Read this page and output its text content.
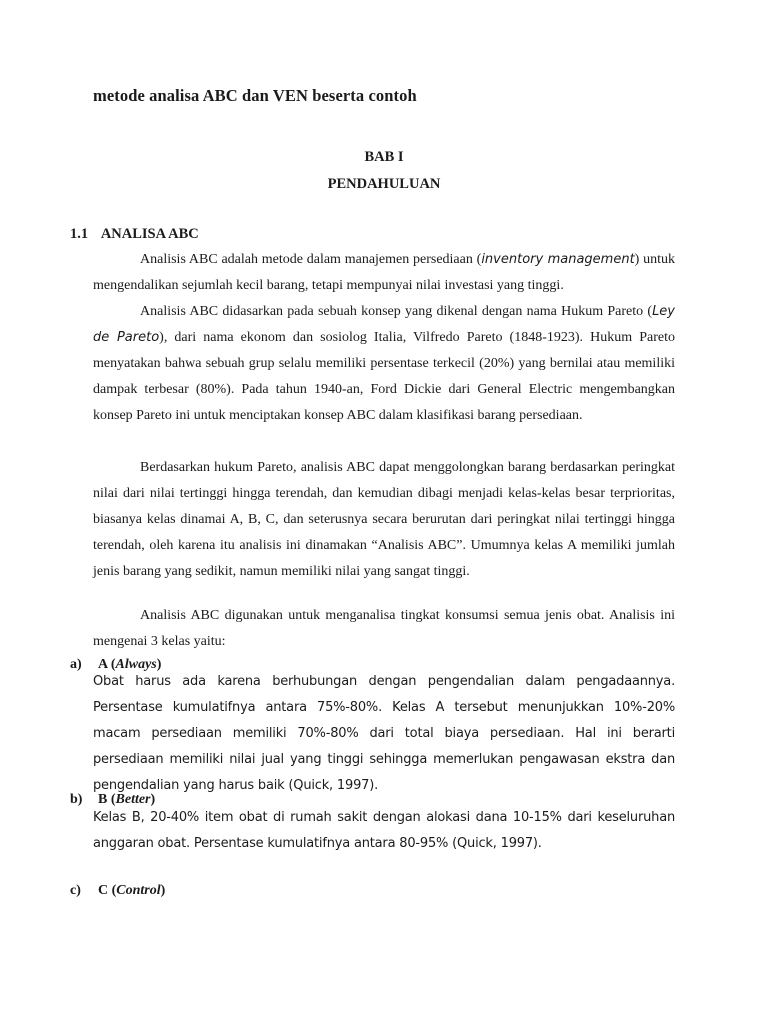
metode analisa ABC dan VEN beserta contoh
BAB I
PENDAHULUAN
1.1 ANALISA ABC

Analisis ABC adalah metode dalam manajemen persediaan (inventory management) untuk mengendalikan sejumlah kecil barang, tetapi mempunyai nilai investasi yang tinggi.

Analisis ABC didasarkan pada sebuah konsep yang dikenal dengan nama Hukum Pareto (Ley de Pareto), dari nama ekonom dan sosiolog Italia, Vilfredo Pareto (1848-1923). Hukum Pareto menyatakan bahwa sebuah grup selalu memiliki persentase terkecil (20%) yang bernilai atau memiliki dampak terbesar (80%). Pada tahun 1940-an, Ford Dickie dari General Electric mengembangkan konsep Pareto ini untuk menciptakan konsep ABC dalam klasifikasi barang persediaan.

Berdasarkan hukum Pareto, analisis ABC dapat menggolongkan barang berdasarkan peringkat nilai dari nilai tertinggi hingga terendah, dan kemudian dibagi menjadi kelas-kelas besar terprioritas, biasanya kelas dinamai A, B, C, dan seterusnya secara berurutan dari peringkat nilai tertinggi hingga terendah, oleh karena itu analisis ini dinamakan “Analisis ABC”. Umumnya kelas A memiliki jumlah jenis barang yang sedikit, namun memiliki nilai yang sangat tinggi.

Analisis ABC digunakan untuk menganalisa tingkat konsumsi semua jenis obat. Analisis ini mengenai 3 kelas yaitu:

a) A (Always)

Obat harus ada karena berhubungan dengan pengendalian dalam pengadaannya. Persentase kumulatifnya antara 75%-80%. Kelas A tersebut menunjukkan 10%-20% macam persediaan memiliki 70%-80% dari total biaya persediaan. Hal ini berarti persediaan memiliki nilai jual yang tinggi sehingga memerlukan pengawasan ekstra dan pengendalian yang harus baik (Quick, 1997).

b) B (Better)

Kelas B, 20-40% item obat di rumah sakit dengan alokasi dana 10-15% dari keseluruhan anggaran obat. Persentase kumulatifnya antara 80-95% (Quick, 1997).

c) C (Control)
